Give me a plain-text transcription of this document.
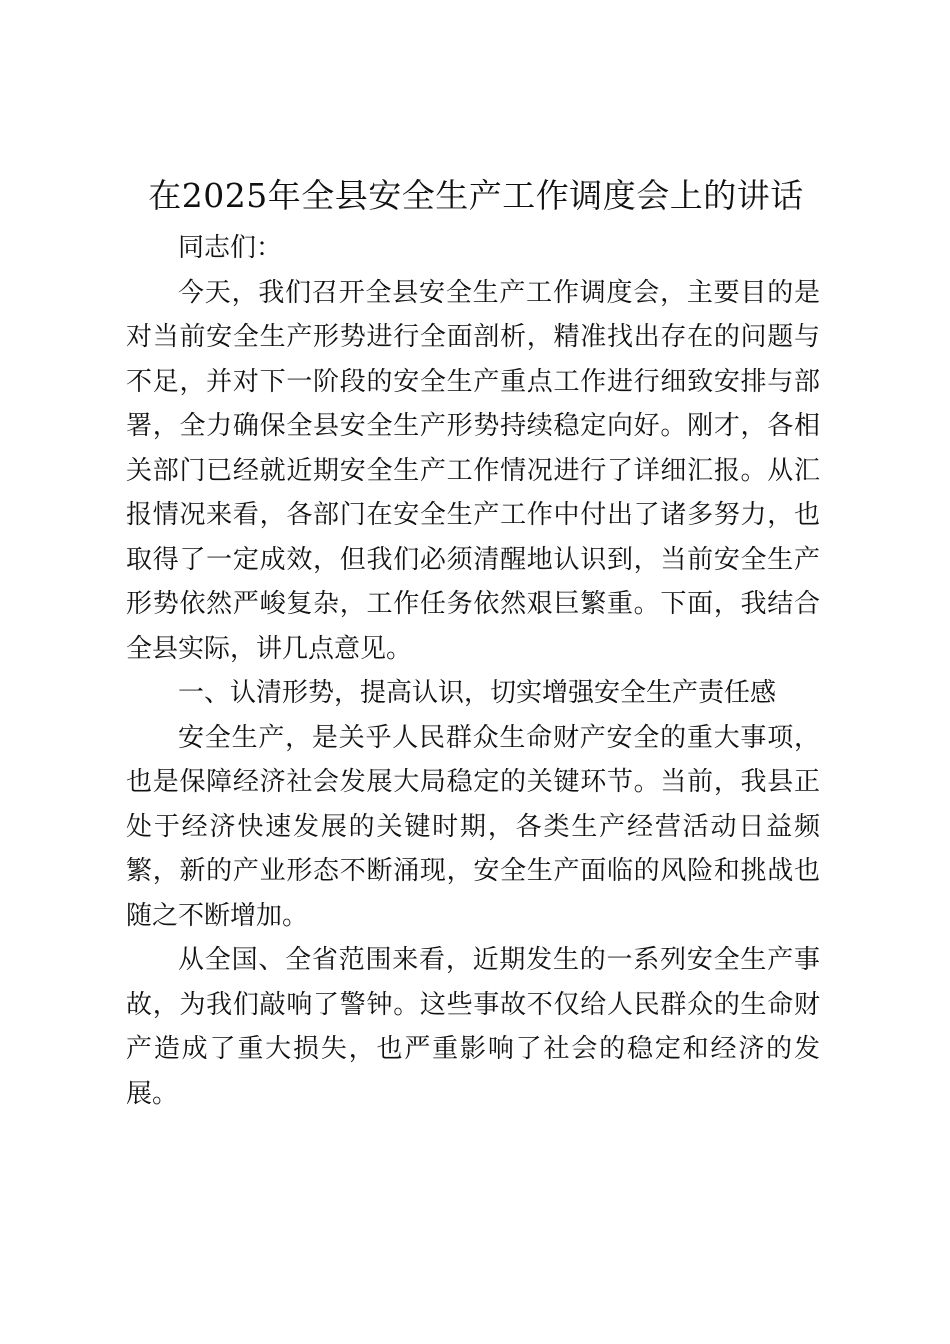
在2025年全县安全生产工作调度会上的讲话

同志们：

今天，我们召开全县安全生产工作调度会，主要目的是对当前安全生产形势进行全面剖析，精准找出存在的问题与不足，并对下一阶段的安全生产重点工作进行细致安排与部署，全力确保全县安全生产形势持续稳定向好。刚才，各相关部门已经就近期安全生产工作情况进行了详细汇报。从汇报情况来看，各部门在安全生产工作中付出了诸多努力，也取得了一定成效，但我们必须清醒地认识到，当前安全生产形势依然严峻复杂，工作任务依然艰巨繁重。下面，我结合全县实际，讲几点意见。

一、认清形势，提高认识，切实增强安全生产责任感

安全生产，是关乎人民群众生命财产安全的重大事项，也是保障经济社会发展大局稳定的关键环节。当前，我县正处于经济快速发展的关键时期，各类生产经营活动日益频繁，新的产业形态不断涌现，安全生产面临的风险和挑战也随之不断增加。

从全国、全省范围来看，近期发生的一系列安全生产事故，为我们敲响了警钟。这些事故不仅给人民群众的生命财产造成了重大损失，也严重影响了社会的稳定和经济的发展。
